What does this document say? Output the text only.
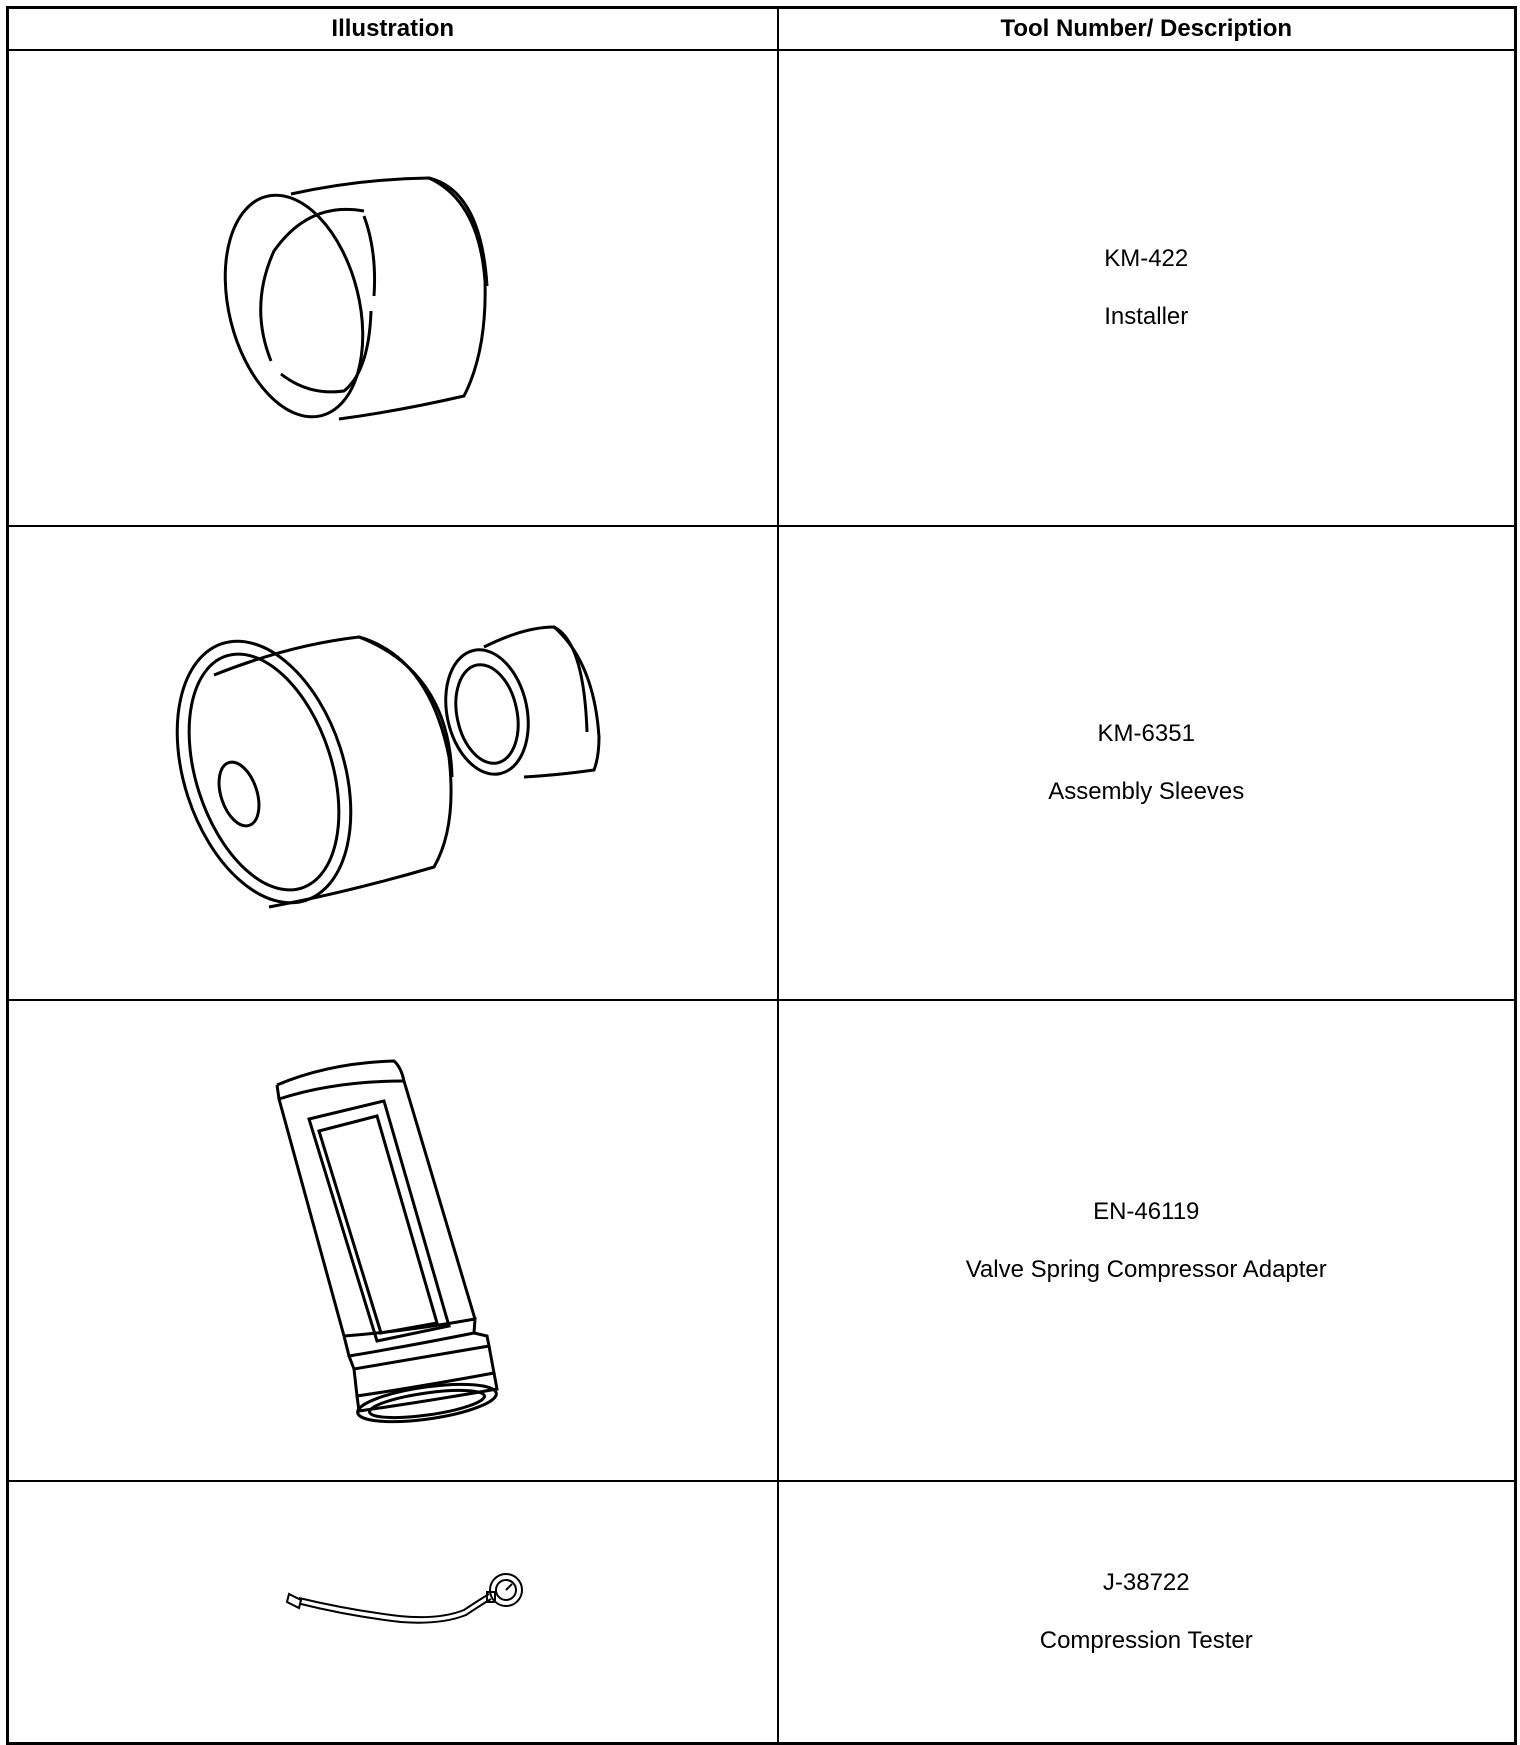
Illustration	Tool Number/ Description

KM-422
Installer

KM-6351
Assembly Sleeves

EN-46119
Valve Spring Compressor Adapter

J-38722
Compression Tester
